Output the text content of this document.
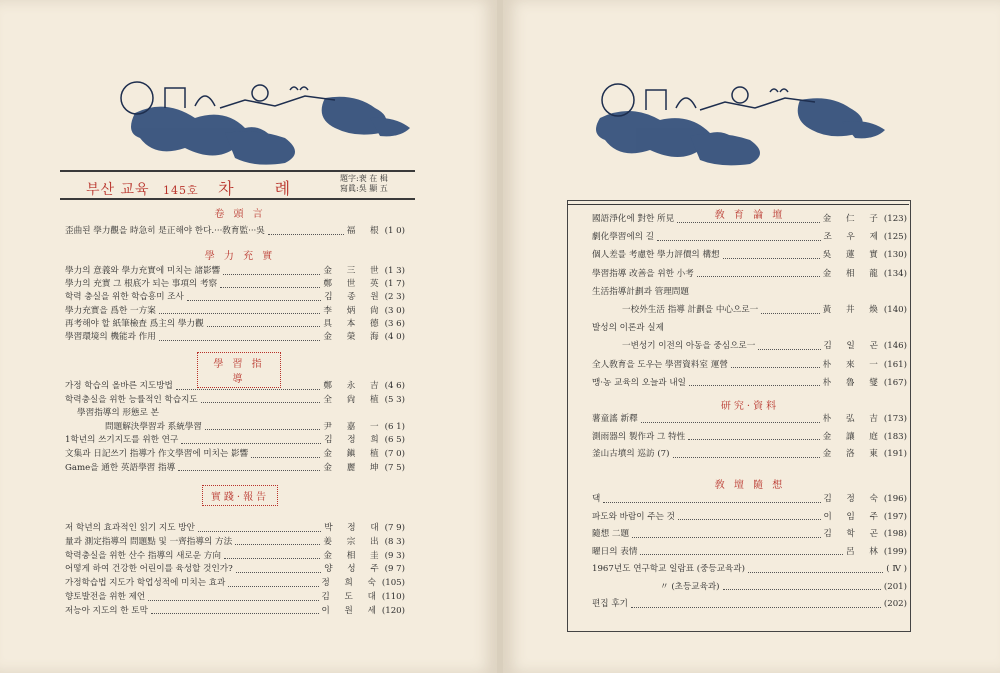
부산 교육 145호 차 례
題字:裵 在 楫
寫眞:吳 顯 五
卷 頭 言
歪曲된 學力觀을 時急히 是正해야 한다.···敎育監···吳	福 根 (1 0)
學 力 充 實
學力의 意義와 學力充實에 미치는 諸影響	金 三 世 (1 3)
學力의 充實 그 根底가 되는 事項의 考察	鄭 世 英 (1 7)
학력 충실을 위한 학습흥미 조사	김 종 원 (2 3)
學力充實을 爲한 一方案	李 炳 尙 (3 0)
再考해야 할 紙筆檢査 爲主의 學力觀	具 本 德 (3 6)
學習環境의 機能과 作用	金 榮 海 (4 0)
學 習 指 導
가정 학습의 올바른 지도방법	鄭 永 吉 (4 6)
학력충실을 위한 능률적인 학습지도	全 尙 植 (5 3)
學習指導의 形態로 본
問題解決學習과 系統學習	尹 嘉 一 (6 1)
1학년의 쓰기지도를 위한 연구	김 정 희 (6 5)
文集과 日記쓰기 指導가 作文學習에 미치는 影響	金 鎭 植 (7 0)
Game을 通한 英語學習 指導	金 麗 坤 (7 5)
實踐·報告
저 학년의 효과적인 읽기 지도 방안	박 정 대 (7 9)
量과 測定指導의 問題點 및 一齊指導의 方法	姜 宗 出 (8 3)
학력충실을 위한 산수 指導의 새로운 方向	金 相 圭 (9 3)
어떻게 하여 건강한 어린이를 육성할 것인가?	양 성 주 (9 7)
가정학습법 지도가 학업성적에 미치는 효과	정 희 숙 (105)
향토발전을 위한 제언	김 도 대 (110)
저능아 지도의 한 토막	이 원 세 (120)
敎 育 論 壇
國語淨化에 對한 所見	金 仁 子 (123)
劇化學習에의 길	조 우 제 (125)
個人差를 考慮한 學力評價의 構想	吳 蓮 實 (130)
學習指導 改善을 위한 小考	金 相 龍 (134)
生活指導計劃과 管理問題
一校外生活 指導 計劃을 中心으로一	黃 井 煥 (140)
발성의 이론과 실제
一변성기 이전의 아동을 중심으로一	김 일 곤 (146)
全人敎育을 도우는 學習資料室 運營	朴 來 一 (161)
맹·농 교육의 오늘과 내일	朴 魯 燮 (167)
研究·資料
薯童謠 新釋	朴 弘 吉 (173)
測雨器의 製作과 그 特性	金 讓 庭 (183)
釜山古墳의 巡訪 (7)	金 洛 東 (191)
敎 壇 隨 想
댁	김 정 숙 (196)
파도와 바람이 주는 것	이 임 주 (197)
隨想 二題	김 학 곤 (198)
曜日의 表情	呂 林 (199)
1967년도 연구학교 일람표 (중등교육과)	( Ⅳ )
〃 (초등교육과)	(201)
편집 후기	(202)
